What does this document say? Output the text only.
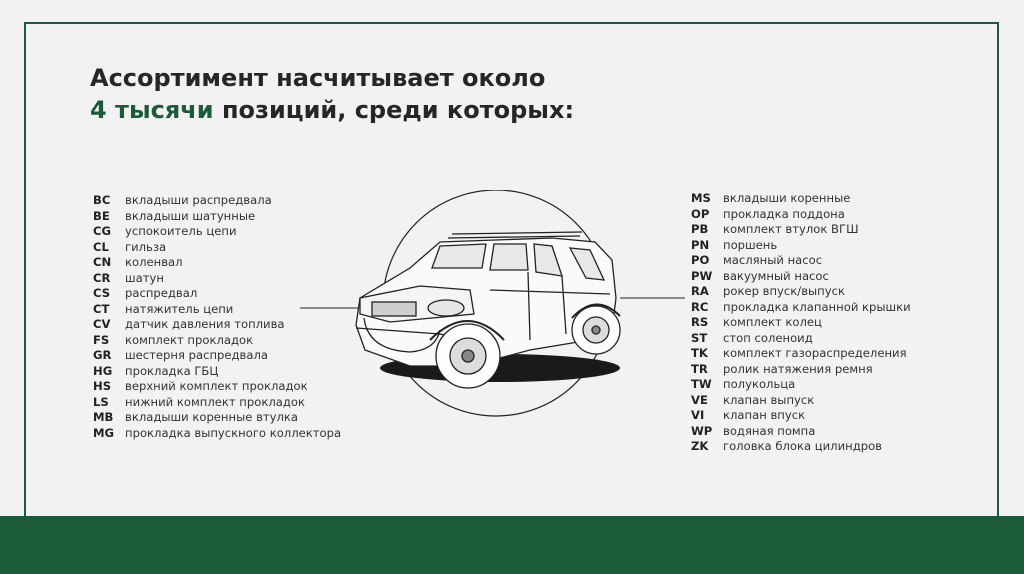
Ассортимент насчитывает около
4 тысячи позиций, среди которых:
BC	вкладыши распредвала
BE	вкладыши шатунные
CG	успокоитель цепи
CL	гильза
CN	коленвал
CR	шатун
CS	распредвал
CT	натяжитель цепи
CV	датчик давления топлива
FS	комплект прокладок
GR	шестерня распредвала
HG	прокладка ГБЦ
HS	верхний комплект прокладок
LS	нижний комплект прокладок
MB	вкладыши коренные втулка
MG прокладка выпускного коллектора
MS	вкладыши коренные
OP	прокладка поддона
PB	комплект втулок ВГШ
PN	поршень
PO	масляный насос
PW вакуумный насос
RA	рокер впуск/выпуск
RC	прокладка клапанной крышки
RS	комплект колец
ST	стоп соленоид
TK	комплект газораспределения
TR	ролик натяжения ремня
TW полукольца
VE	клапан выпуск
VI	клапан впуск
WP водяная помпа
ZK	головка блока цилиндров
